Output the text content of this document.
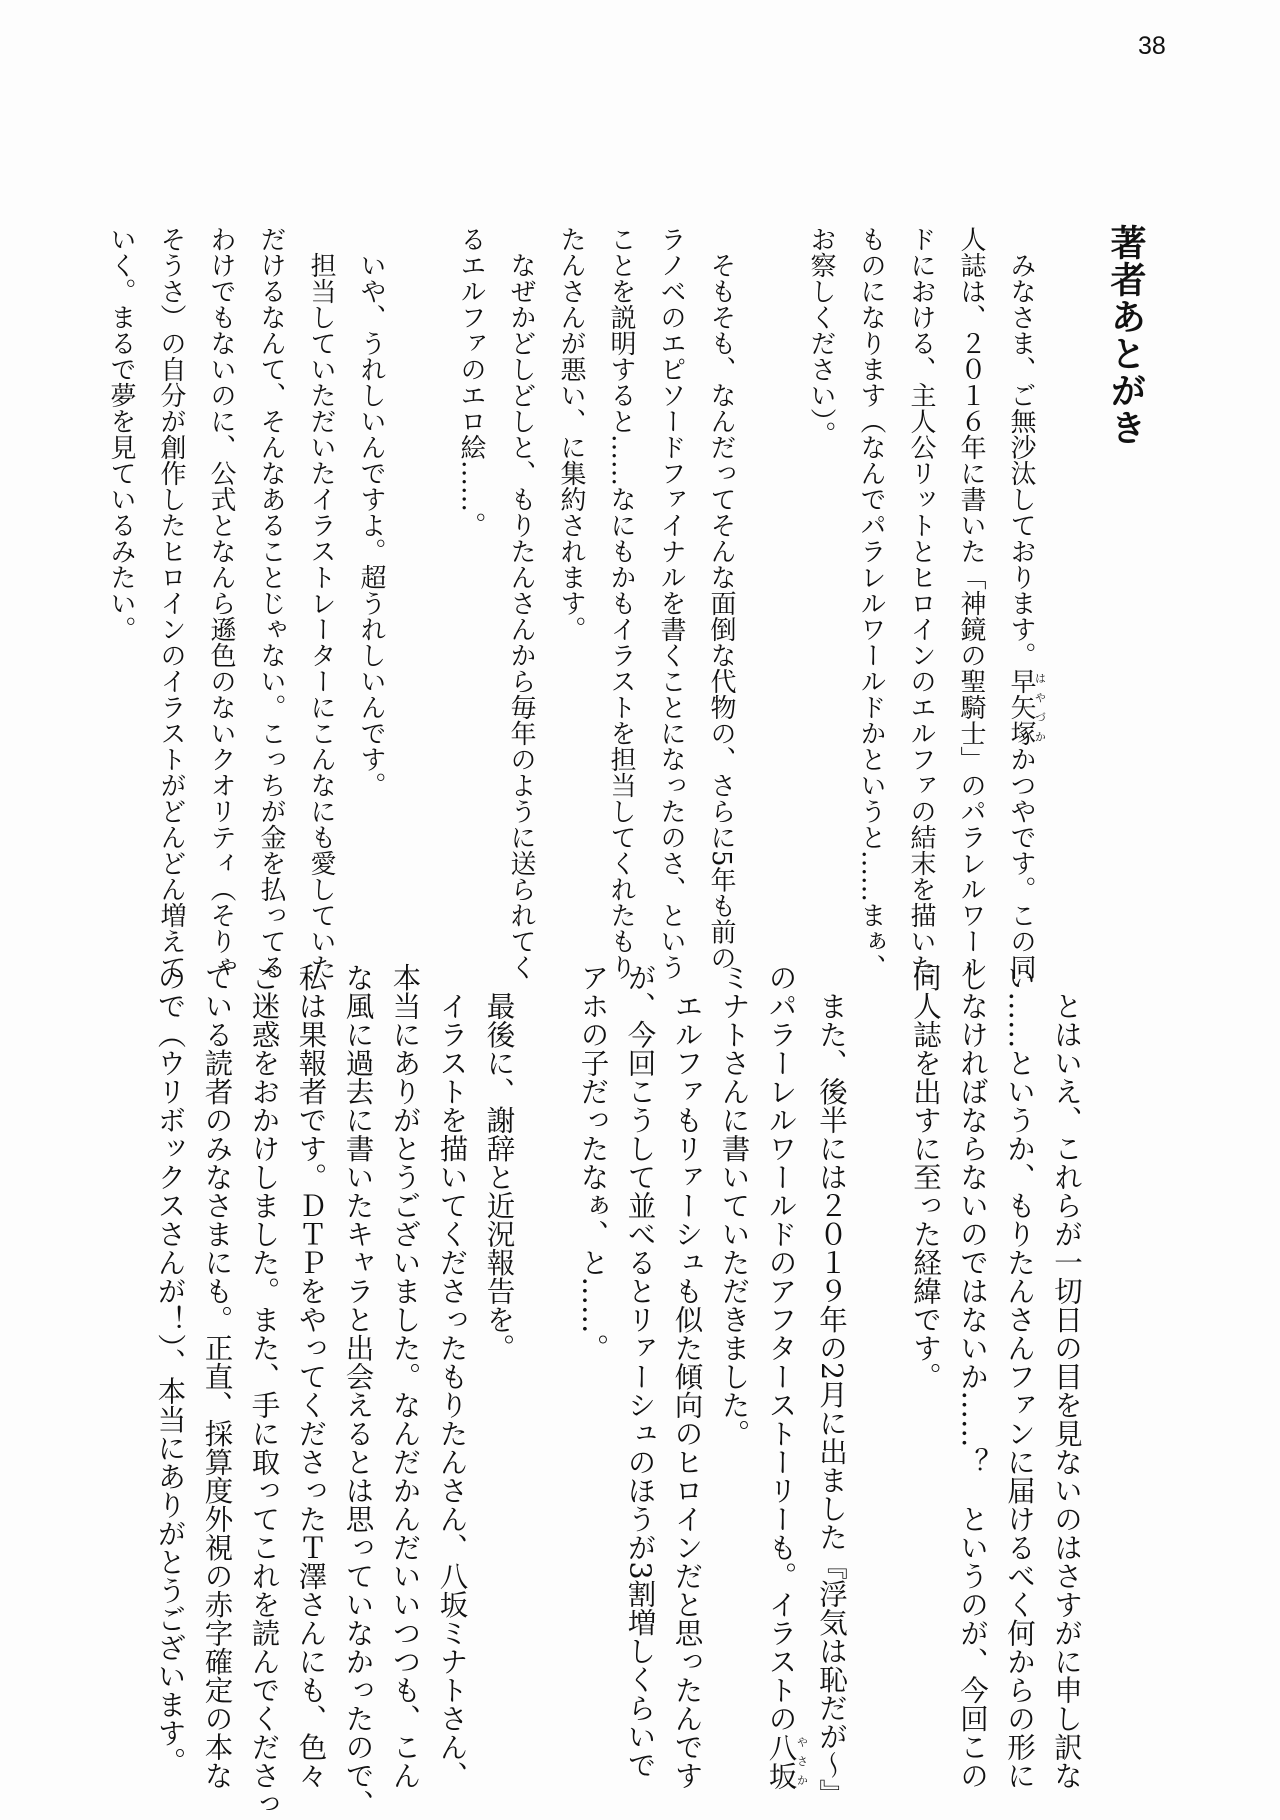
38
著者あとがき
　みなさま、ご無沙汰しております。早矢塚はやづかかつやです。この同
人誌は、２０１６年に書いた「神鏡の聖騎士」のパラレルワール
ドにおける、主人公リットとヒロインのエルファの結末を描いた
ものになります（なんでパラレルワールドかというと……まぁ、
お察しください）。

　そもそも、なんだってそんな面倒な代物の、さらに5年も前の
ラノベのエピソードファイナルを書くことになったのさ、という
ことを説明すると……なにもかもイラストを担当してくれたもり
たんさんが悪い、に集約されます。
　なぜかどしどしと、もりたんさんから毎年のように送られてく
るエルファのエロ絵……。

　いや、うれしいんですよ。超うれしいんです。
　担当していただいたイラストレーターにこんなにも愛していた
だけるなんて、そんなあることじゃない。こっちが金を払ってる
わけでもないのに、公式となんら遜色のないクオリティ（そりゃ
そうさ）の自分が創作したヒロインのイラストがどんどん増えて
いく。まるで夢を見ているみたい。
　とはいえ、これらが一切日の目を見ないのはさすがに申し訳な
い……というか、もりたんさんファンに届けるべく何からの形に
しなければならないのではないか……？　というのが、今回この
同人誌を出すに至った経緯です。

　また、後半には２０１９年の2月に出ました『浮気は恥だが～』
のパラーレルワールドのアフターストーリーも。イラストの八坂やさか
ミナトさんに書いていただきました。
　エルファもリァーシュも似た傾向のヒロインだと思ったんです
が、今回こうして並べるとリァーシュのほうが3割増しくらいで
アホの子だったなぁ、と……。

　最後に、謝辞と近況報告を。
　イラストを描いてくださったもりたんさん、八坂ミナトさん、
本当にありがとうございました。なんだかんだいいつつも、こん
な風に過去に書いたキャラと出会えるとは思っていなかったので、
私は果報者です。ＤＴＰをやってくださったＴ澤さんにも、色々
ご迷惑をおかけしました。また、手に取ってこれを読んでくださっ
ている読者のみなさまにも。正直、採算度外視の赤字確定の本な
ので（ウリボックスさんが！）、本当にありがとうございます。
